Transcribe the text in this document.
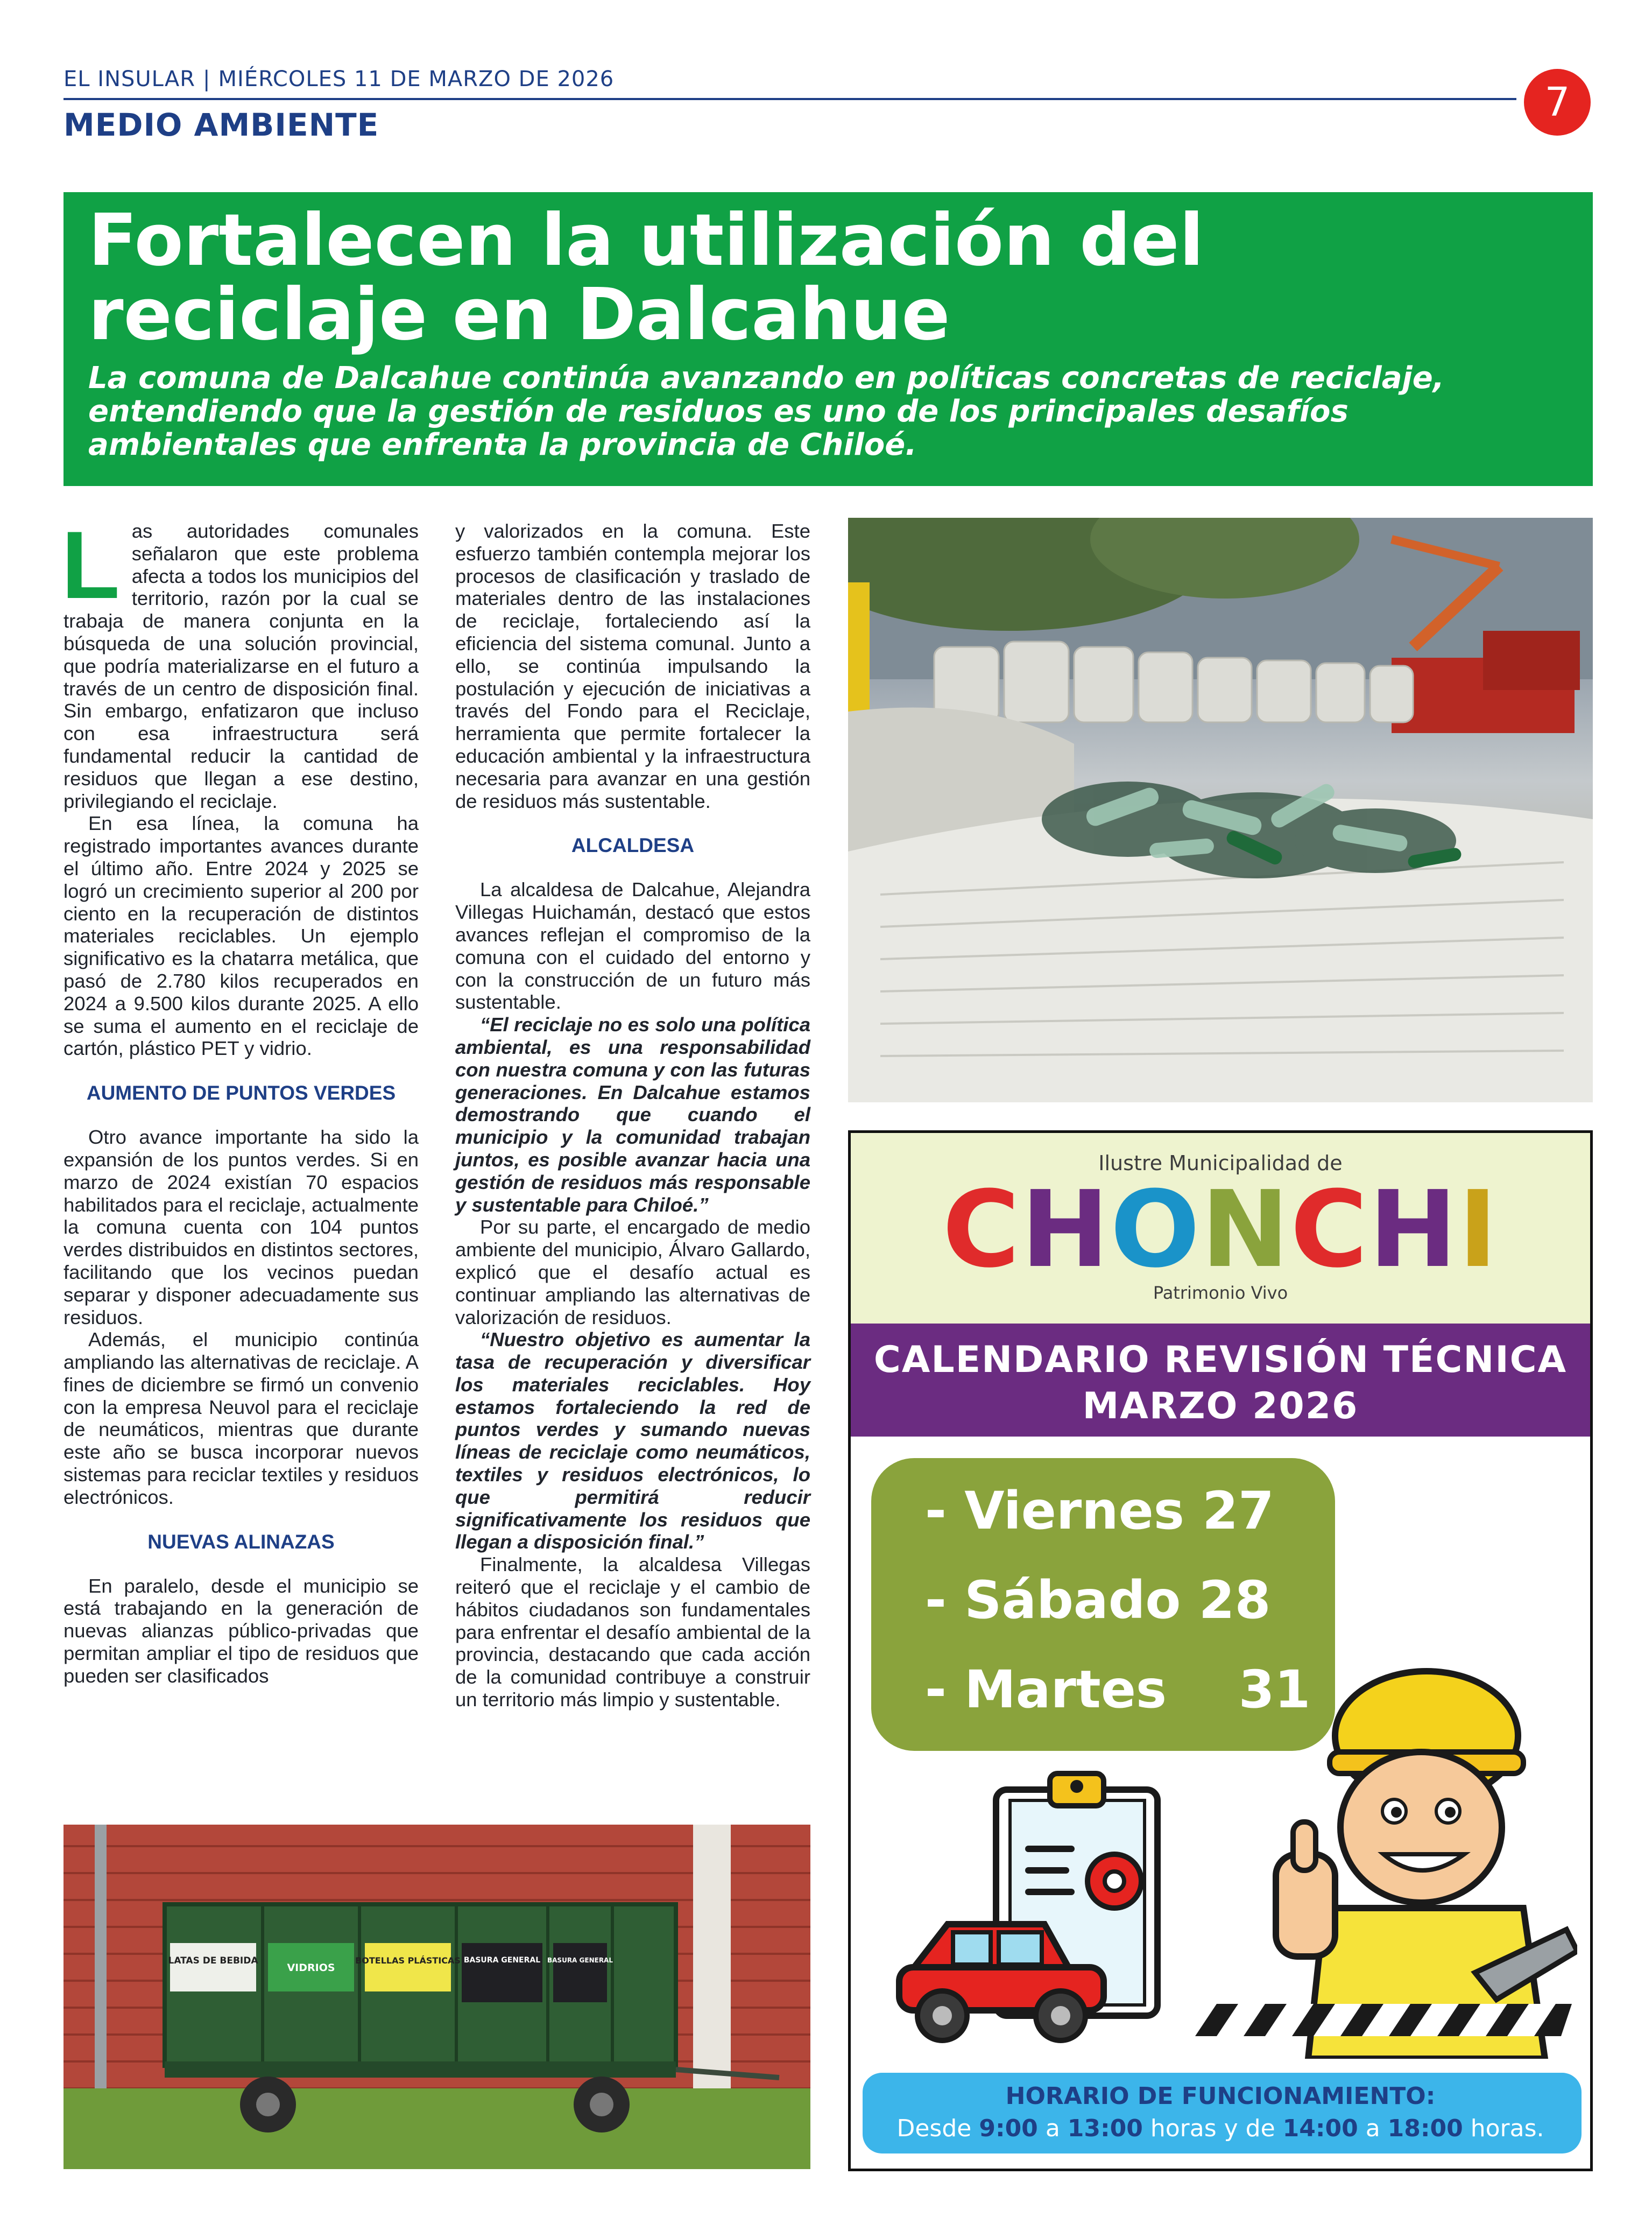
EL INSULAR | MIÉRCOLES 11 DE MARZO DE 2026
MEDIO AMBIENTE	7
Fortalecen la utilización del reciclaje en Dalcahue
La comuna de Dalcahue continúa avanzando en políticas concretas de reciclaje, entendiendo que la gestión de residuos es uno de los principales desafíos ambientales que enfrenta la provincia de Chiloé.

Las autoridades comunales señalaron que este problema afecta a todos los municipios del territorio, razón por la cual se trabaja de manera conjunta en la búsqueda de una solución provincial, que podría materializarse en el futuro a través de un centro de disposición final. Sin embargo, enfatizaron que incluso con esa infraestructura será fundamental reducir la cantidad de residuos que llegan a ese destino, privilegiando el reciclaje.

En esa línea, la comuna ha registrado importantes avances durante el último año. Entre 2024 y 2025 se logró un crecimiento superior al 200 por ciento en la recuperación de distintos materiales reciclables. Un ejemplo significativo es la chatarra metálica, que pasó de 2.780 kilos recuperados en 2024 a 9.500 kilos durante 2025. A ello se suma el aumento en el reciclaje de cartón, plástico PET y vidrio.

AUMENTO DE PUNTOS VERDES

Otro avance importante ha sido la expansión de los puntos verdes. Si en marzo de 2024 existían 70 espacios habilitados para el reciclaje, actualmente la comuna cuenta con 104 puntos verdes distribuidos en distintos sectores, facilitando que los vecinos puedan separar y disponer adecuadamente sus residuos.

Además, el municipio continúa ampliando las alternativas de reciclaje. A fines de diciembre se firmó un convenio con la empresa Neuvol para el reciclaje de neumáticos, mientras que durante este año se busca incorporar nuevos sistemas para reciclar textiles y residuos electrónicos.

NUEVAS ALINAZAS

En paralelo, desde el municipio se está trabajando en la generación de nuevas alianzas público-privadas que permitan ampliar el tipo de residuos que pueden ser clasificados

y valorizados en la comuna. Este esfuerzo también contempla mejorar los procesos de clasificación y traslado de materiales dentro de las instalaciones de reciclaje, fortaleciendo así la eficiencia del sistema comunal. Junto a ello, se continúa impulsando la postulación y ejecución de iniciativas a través del Fondo para el Reciclaje, herramienta que permite fortalecer la educación ambiental y la infraestructura necesaria para avanzar en una gestión de residuos más sustentable.

ALCALDESA

La alcaldesa de Dalcahue, Alejandra Villegas Huichamán, destacó que estos avances reflejan el compromiso de la comuna con el cuidado del entorno y con la construcción de un futuro más sustentable.

“El reciclaje no es solo una política ambiental, es una responsabilidad con nuestra comuna y con las futuras generaciones. En Dalcahue estamos demostrando que cuando el municipio y la comunidad trabajan juntos, es posible avanzar hacia una gestión de residuos más responsable y sustentable para Chiloé.”

Por su parte, el encargado de medio ambiente del municipio, Álvaro Gallardo, explicó que el desafío actual es continuar ampliando las alternativas de valorización de residuos.

“Nuestro objetivo es aumentar la tasa de recuperación y diversificar los materiales reciclables. Hoy estamos fortaleciendo la red de puntos verdes y sumando nuevas líneas de reciclaje como neumáticos, textiles y residuos electrónicos, lo que permitirá reducir significativamente los residuos que llegan a disposición final.”

Finalmente, la alcaldesa Villegas reiteró que el reciclaje y el cambio de hábitos ciudadanos son fundamentales para enfrentar el desafío ambiental de la provincia, destacando que cada acción de la comunidad contribuye a construir un territorio más limpio y sustentable.

LATAS DE BEBIDA
VIDRIOS
BOTELLAS PLÁSTICAS BASURA GENERAL BASURA GENERAL
Ilustre Municipalidad de
CHONCHI
Patrimonio Vivo
CALENDARIO REVISIÓN TÉCNICA
MARZO 2026
- Viernes 27
- Sábado 28
- Martes    31
HORARIO DE FUNCIONAMIENTO:
Desde 9:00 a 13:00 horas y de 14:00 a 18:00 horas.
